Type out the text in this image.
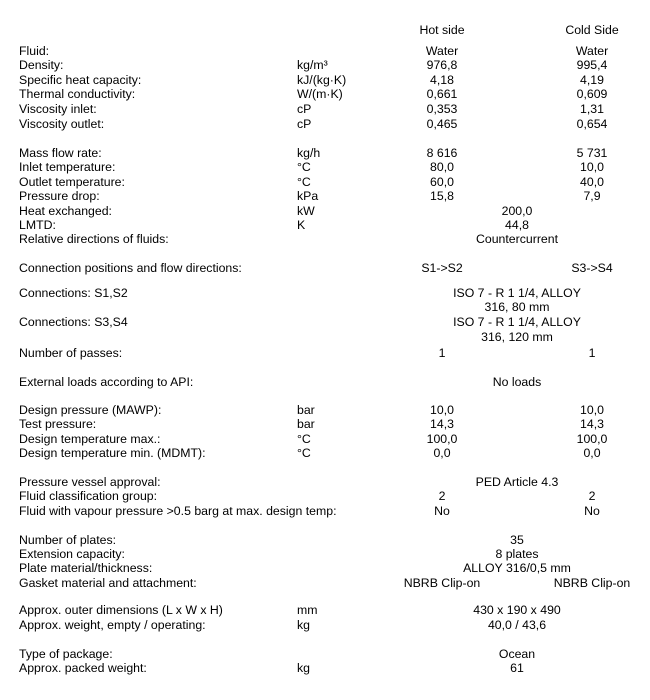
Hot side	Cold Side
Fluid:	Water	Water
Density:	kg/m³	976,8	995,4
Specific heat capacity:	kJ/(kg·K)	4,18	4,19
Thermal conductivity:	W/(m·K)	0,661	0,609
Viscosity inlet:	cP	0,353	1,31
Viscosity outlet:	cP	0,465	0,654
Mass flow rate:	kg/h	8 616	5 731
Inlet temperature:	°C	80,0	10,0
Outlet temperature:	°C	60,0	40,0
Pressure drop:	kPa	15,8	7,9
Heat exchanged:	kW	200,0
LMTD:	K	44,8
Relative directions of fluids:	Countercurrent
Connection positions and flow directions:	S1->S2	S3->S4
Connections: S1,S2	ISO 7 - R 1 1/4, ALLOY
316, 80 mm
Connections: S3,S4	ISO 7 - R 1 1/4, ALLOY
316, 120 mm
Number of passes:	1	1
External loads according to API:	No loads
Design pressure (MAWP):	bar	10,0	10,0
Test pressure:	bar	14,3	14,3
Design temperature max.:	°C	100,0	100,0
Design temperature min. (MDMT):	°C	0,0	0,0
Pressure vessel approval:	PED Article 4.3
Fluid classification group:	2	2
Fluid with vapour pressure >0.5 barg at max. design temp:	No	No
Number of plates:	35
Extension capacity:	8 plates
Plate material/thickness:	ALLOY 316/0,5 mm
Gasket material and attachment:	NBRB Clip-on	NBRB Clip-on
Approx. outer dimensions (L x W x H)	mm	430 x 190 x 490
Approx. weight, empty / operating:	kg	40,0 / 43,6
Type of package:	Ocean
Approx. packed weight:	kg	61
